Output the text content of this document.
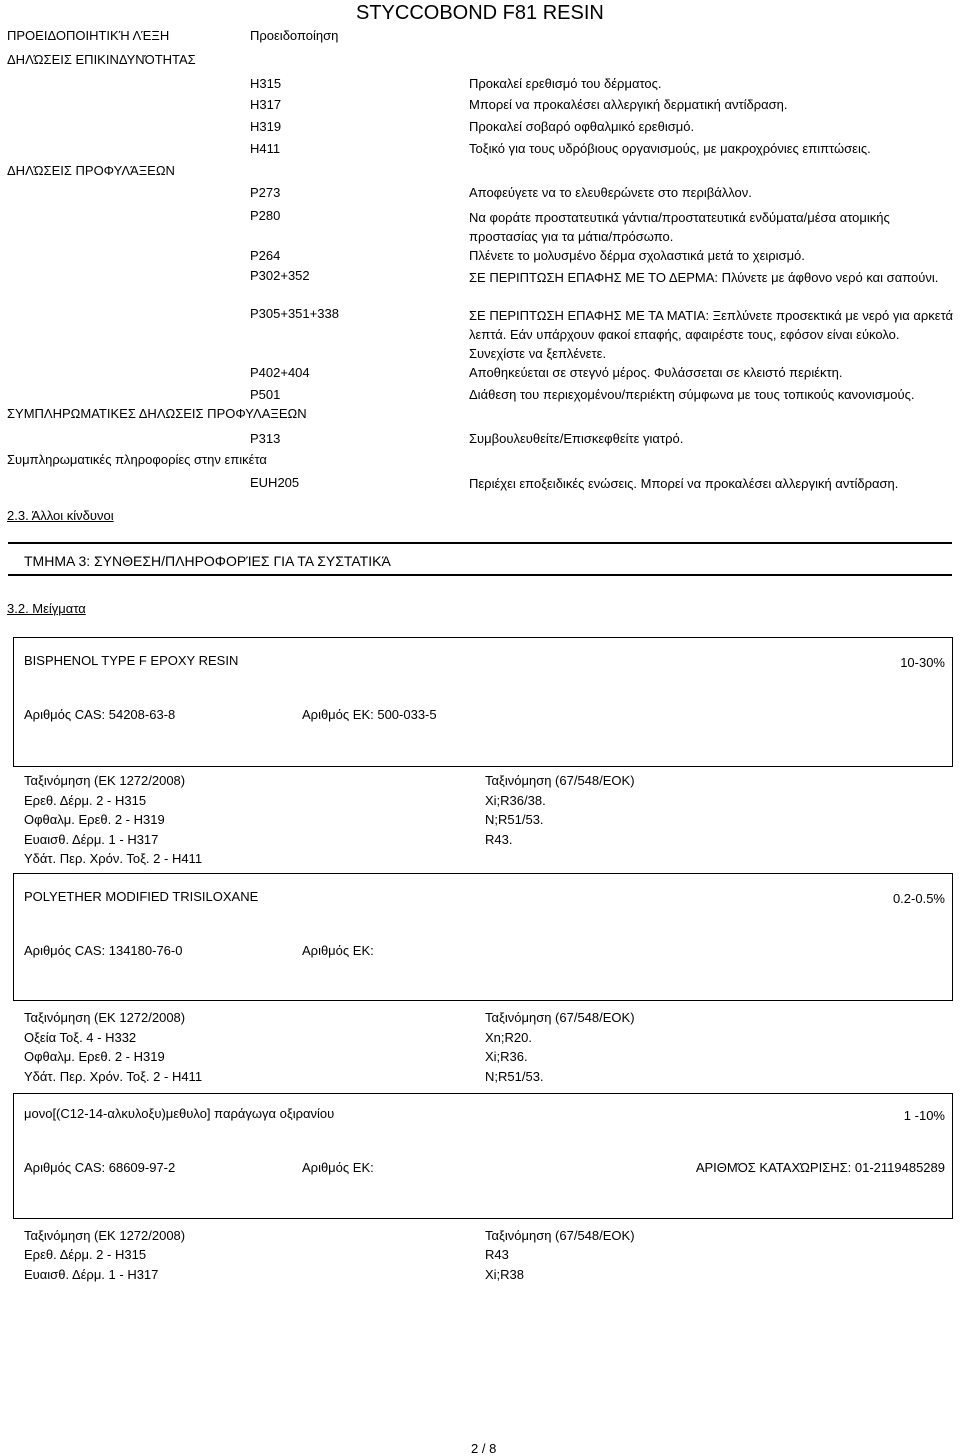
STYCCOBOND F81 RESIN
ΠΡΟΕΙΔΟΠΟΙΗΤΙΚΉ ΛΈΞΗ	Προειδοποίηση
ΔΗΛΏΣΕΙΣ ΕΠΙΚΙΝΔΥΝΌΤΗΤΑΣ
H315	Προκαλεί ερεθισμό του δέρματος.
H317	Μπορεί να προκαλέσει αλλεργική δερματική αντίδραση.
H319	Προκαλεί σοβαρό οφθαλμικό ερεθισμό.
H411	Τοξικό για τους υδρόβιους οργανισμούς, με μακροχρόνιες επιπτώσεις.
ΔΗΛΏΣΕΙΣ ΠΡΟΦΥΛΆΞΕΩΝ
P273	Αποφεύγετε να το ελευθερώνετε στο περιβάλλον.
P280	Να φοράτε προστατευτικά γάντια/προστατευτικά ενδύματα/μέσα ατομικής προστασίας για τα μάτια/πρόσωπο.
P264	Πλένετε το μολυσμένο δέρμα σχολαστικά μετά το χειρισμό.
P302+352	ΣΕ ΠΕΡΙΠΤΩΣΗ ΕΠΑΦΗΣ ΜΕ ΤΟ ΔΕΡΜΑ: Πλύνετε με άφθονο νερό και σαπούνι.
P305+351+338	ΣΕ ΠΕΡΙΠΤΩΣΗ ΕΠΑΦΗΣ ΜΕ ΤΑ ΜΑΤΙΑ: Ξεπλύνετε προσεκτικά με νερό για αρκετά λεπτά. Εάν υπάρχουν φακοί επαφής, αφαιρέστε τους, εφόσον είναι εύκολο. Συνεχίστε να ξεπλένετε.
P402+404	Αποθηκεύεται σε στεγνό μέρος. Φυλάσσεται σε κλειστό περιέκτη.
P501	Διάθεση του περιεχομένου/περιέκτη σύμφωνα με τους τοπικούς κανονισμούς.
ΣΥΜΠΛΗΡΩΜΑΤΙΚΕΣ ΔΗΛΩΣΕΙΣ ΠΡΟΦΥΛΑΞΕΩΝ
P313	Συμβουλευθείτε/Επισκεφθείτε γιατρό.
Συμπληρωματικές πληροφορίες στην επικέτα
EUH205	Περιέχει εποξειδικές ενώσεις. Μπορεί να προκαλέσει αλλεργική αντίδραση.
2.3. Άλλοι κίνδυνοι
ΤΜΗΜΑ 3: ΣΥΝΘΕΣΗ/ΠΛΗΡΟΦΟΡΊΕΣ ΓΙΑ ΤΑ ΣΥΣΤΑΤΙΚΆ
3.2. Μείγματα
BISPHENOL TYPE F EPOXY RESIN	10-30%
Αριθμός CAS: 54208-63-8	Αριθμός ΕΚ: 500-033-5
Ταξινόμηση (ΕΚ 1272/2008)
Ερεθ. Δέρμ. 2 - H315
Οφθαλμ. Ερεθ. 2 - H319
Ευαισθ. Δέρμ. 1 - H317
Υδάτ. Περ. Χρόν. Τοξ. 2 - H411
Ταξινόμηση (67/548/ΕΟΚ)
Xi;R36/38.
N;R51/53.
R43.
POLYETHER MODIFIED TRISILOXANE	0.2-0.5%
Αριθμός CAS: 134180-76-0	Αριθμός ΕΚ:
Ταξινόμηση (ΕΚ 1272/2008)
Οξεία Τοξ. 4 - H332
Οφθαλμ. Ερεθ. 2 - H319
Υδάτ. Περ. Χρόν. Τοξ. 2 - H411
Ταξινόμηση (67/548/ΕΟΚ)
Xn;R20.
Xi;R36.
N;R51/53.
μονο[(C12-14-αλκυλοξυ)μεθυλο] παράγωγα οξιρανίου	1 -10%
Αριθμός CAS: 68609-97-2	Αριθμός ΕΚ:	ΑΡΙΘΜΌΣ ΚΑΤΑΧΏΡΙΣΗΣ: 01-2119485289
Ταξινόμηση (ΕΚ 1272/2008)
Ερεθ. Δέρμ. 2 - H315
Ευαισθ. Δέρμ. 1 - H317
Ταξινόμηση (67/548/ΕΟΚ)
R43
Xi;R38
2 / 8
